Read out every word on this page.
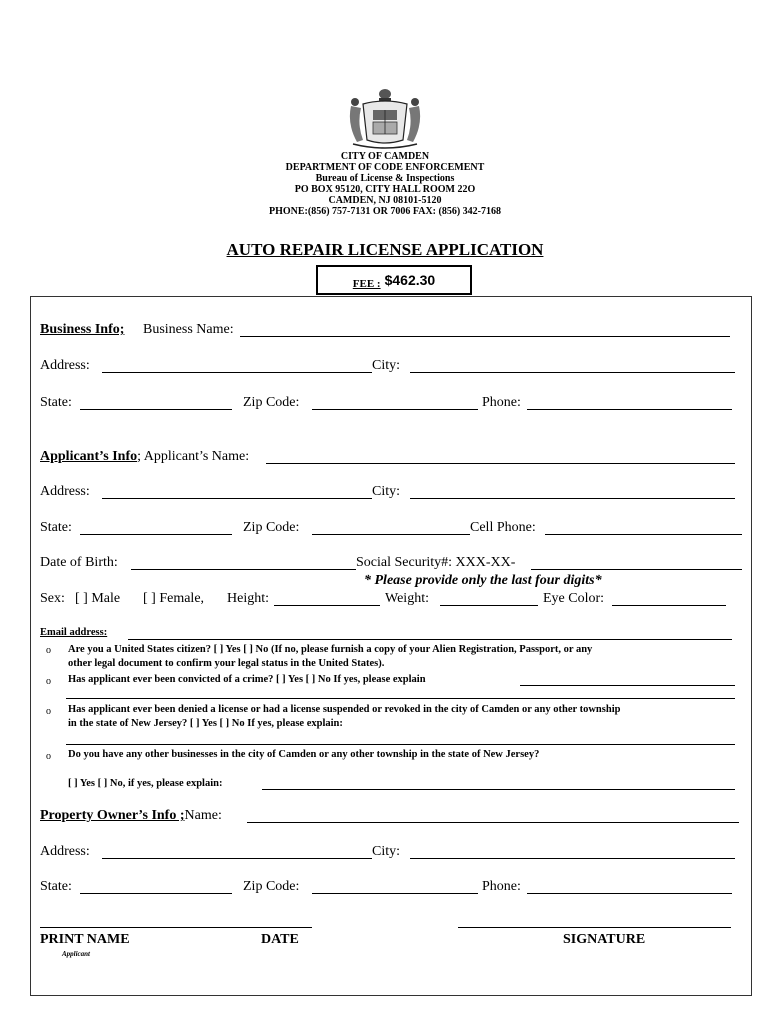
CITY OF CAMDEN
DEPARTMENT OF CODE ENFORCEMENT
Bureau of License & Inspections
PO BOX 95120, CITY HALL ROOM 22O
CAMDEN, NJ 08101-5120
PHONE:(856) 757-7131 OR 7006 FAX: (856) 342-7168
AUTO REPAIR LICENSE APPLICATION
$_{FEE :}$ $462.30
Business Info; Business Name:
Address:	City:
State:	Zip Code:	Phone:
Applicant’s Info; Applicant’s Name:
Address:	City:
State:	Zip Code:	Cell Phone:
Date of Birth:	Social Security#: XXX-XX-
* Please provide only the last four digits*
Sex: [ ] Male [ ] Female, Height:	Weight:	Eye Color:
Email address:
o Are you a United States citizen? [ ] Yes [ ] No (If no, please furnish a copy of your Alien Registration, Passport, or any
other legal document to confirm your legal status in the United States).
o Has applicant ever been convicted of a crime? [ ] Yes [ ] No If yes, please explain
o Has applicant ever been denied a license or had a license suspended or revoked in the city of Camden or any other township
in the state of New Jersey? [ ] Yes [ ] No If yes, please explain:
o Do you have any other businesses in the city of Camden or any other township in the state of New Jersey?
[ ] Yes [ ] No, if yes, please explain:
Property Owner’s Info ;Name:
Address:	City:
State:	Zip Code:	Phone:
PRINT NAME	DATE	SIGNATURE
Applicant
